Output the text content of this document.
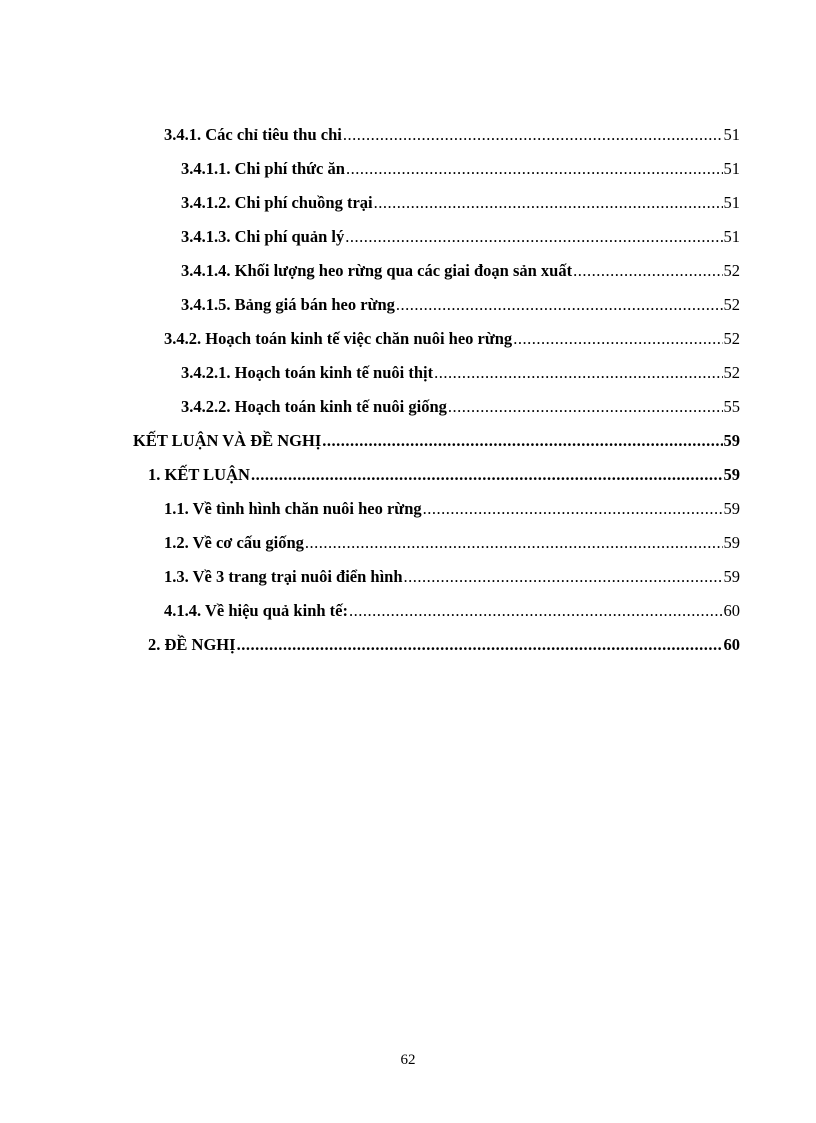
3.4.1. Các chỉ tiêu thu chi .....	51
3.4.1.1. Chi phí thức ăn .....	51
3.4.1.2. Chi phí chuồng trại .....	51
3.4.1.3. Chi phí quản lý .....	51
3.4.1.4. Khối lượng heo rừng qua các giai đoạn sản xuất .....	52
3.4.1.5. Bảng giá bán heo rừng .....	52
3.4.2. Hoạch toán kinh tế việc chăn nuôi heo rừng .....	52
3.4.2.1. Hoạch toán kinh tế nuôi thịt .....	52
3.4.2.2. Hoạch toán kinh tế nuôi giống .....	55
KẾT LUẬN VÀ ĐỀ NGHỊ .....	59
1. KẾT LUẬN .....	59
1.1. Về tình hình chăn nuôi heo rừng .....	59
1.2. Về cơ cấu giống .....	59
1.3. Về 3 trang trại nuôi điển hình .....	59
4.1.4. Về hiệu quả kinh tế: .....	60
2. ĐỀ NGHỊ .....	60
62
